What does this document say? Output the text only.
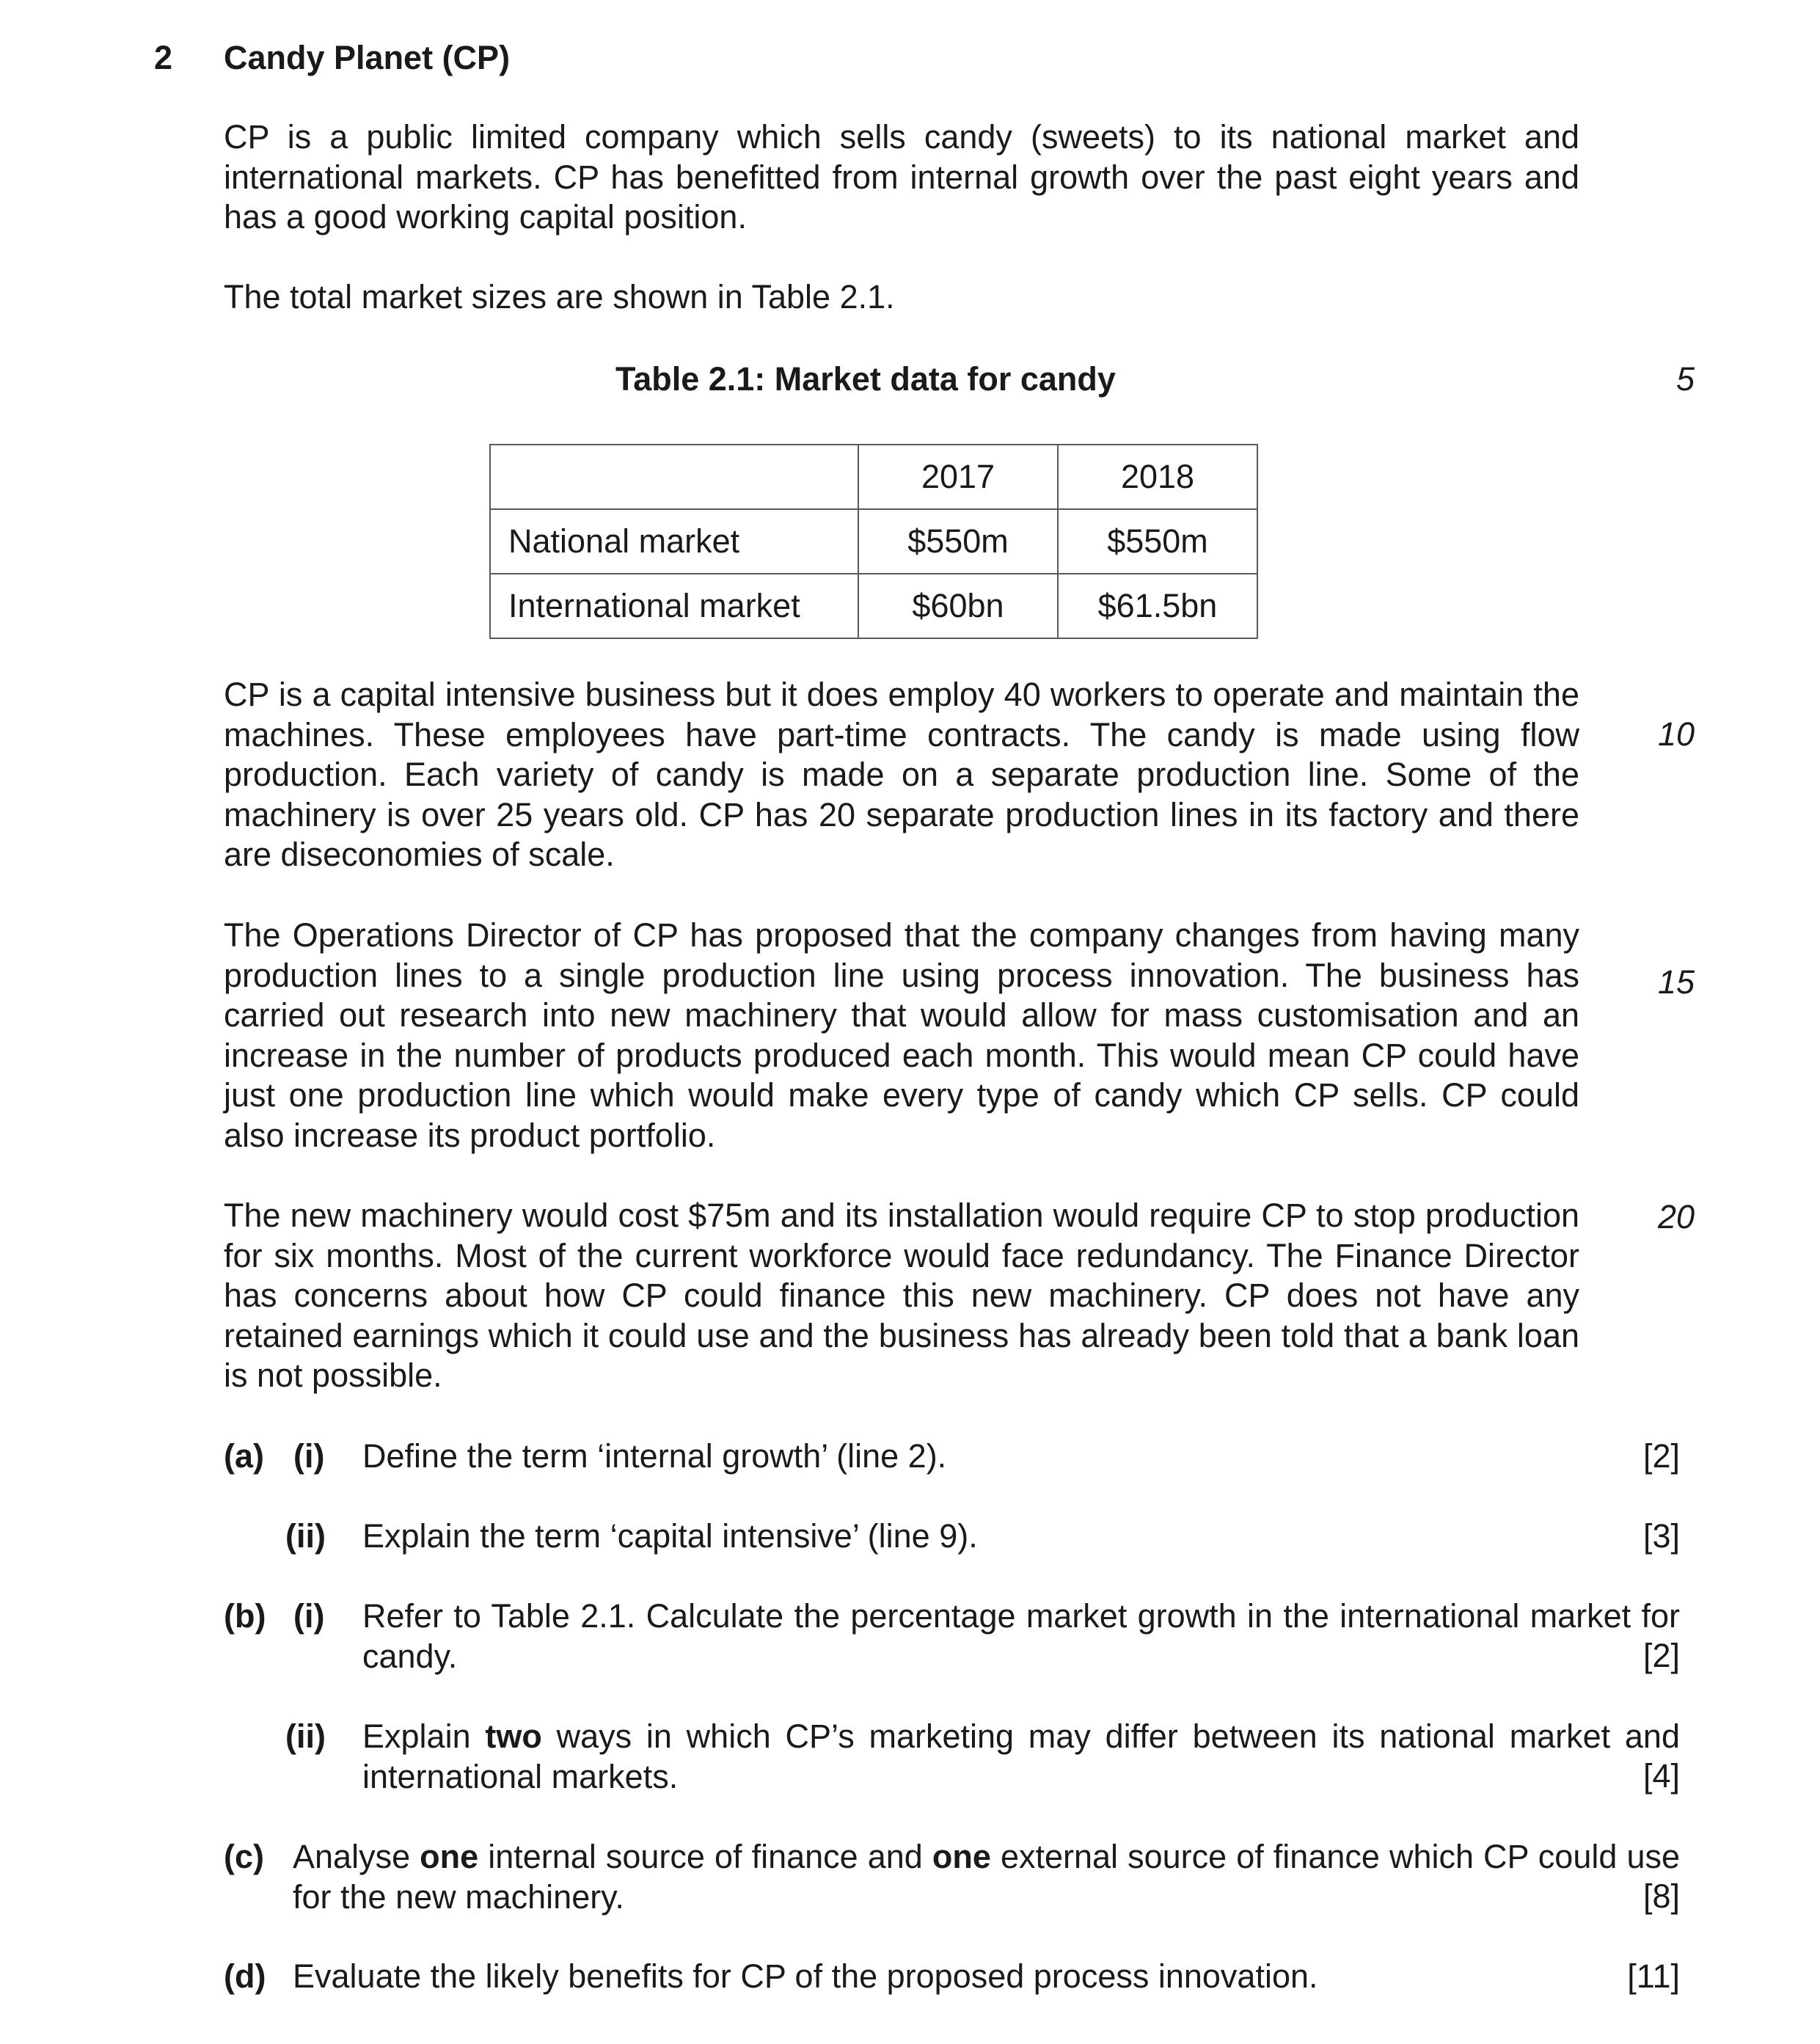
2 Candy Planet (CP)
CP is a public limited company which sells candy (sweets) to its national market and international markets. CP has benefitted from internal growth over the past eight years and has a good working capital position.
The total market sizes are shown in Table 2.1.
Table 2.1: Market data for candy	5
	2017	2018
National market	$550m	$550m
International market	$60bn	$61.5bn
CP is a capital intensive business but it does employ 40 workers to operate and maintain the machines. These employees have part-time contracts. The candy is made using flow production. Each variety of candy is made on a separate production line. Some of the machinery is over 25 years old. CP has 20 separate production lines in its factory and there are diseconomies of scale.
10
The Operations Director of CP has proposed that the company changes from having many production lines to a single production line using process innovation. The business has carried out research into new machinery that would allow for mass customisation and an increase in the number of products produced each month. This would mean CP could have just one production line which would make every type of candy which CP sells. CP could also increase its product portfolio.
15
The new machinery would cost $75m and its installation would require CP to stop production for six months. Most of the current workforce would face redundancy. The Finance Director has concerns about how CP could finance this new machinery. CP does not have any retained earnings which it could use and the business has already been told that a bank loan is not possible.
20
(a) (i) Define the term ‘internal growth’ (line 2).	[2]
(ii) Explain the term ‘capital intensive’ (line 9).	[3]
(b) (i) Refer to Table 2.1. Calculate the percentage market growth in the international market for candy.	[2]
(ii) Explain two ways in which CP’s marketing may differ between its national market and international markets.	[4]
(c) Analyse one internal source of finance and one external source of finance which CP could use for the new machinery.	[8]
(d) Evaluate the likely benefits for CP of the proposed process innovation.	[11]
